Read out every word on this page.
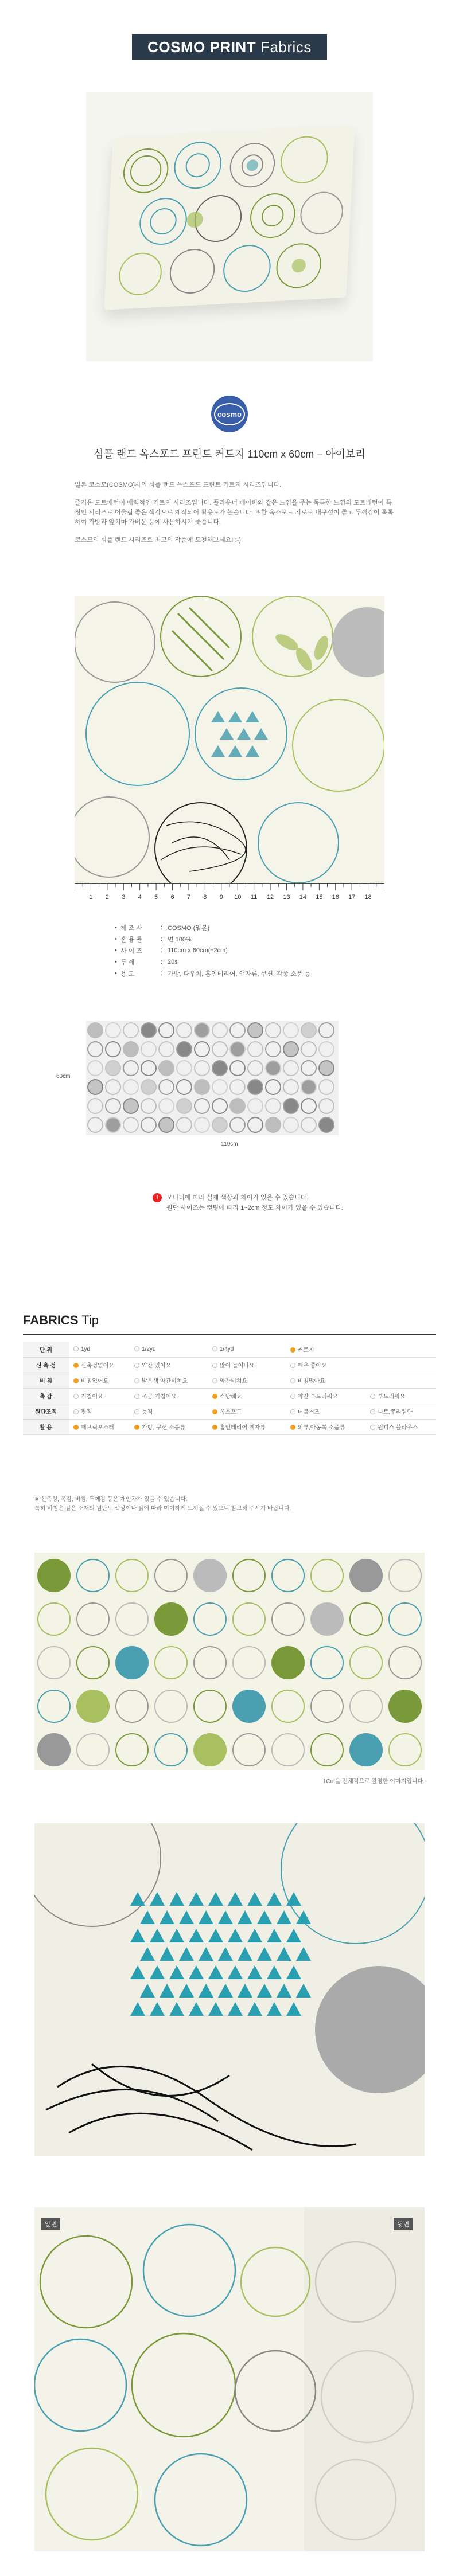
COSMO PRINT Fabrics
cosmo
심플 랜드 옥스포드 프린트 커트지 110cm x 60cm – 아이보리

일본 코스모(COSMO)사의 심플 랜드 옥스포드 프린트 커트지 시리즈입니다.

즐거운 도트패턴이 매력적인 커트지 시리즈입니다. 플라운너 페이퍼와 같은 느낌을 주는 독특한 느낌의 도트패턴이 특징인 시리즈로 어울림 좋은 색감으로 제작되어 활용도가 높습니다. 또한 옥스포드 지로로 내구성이 좋고 두께감이 톡톡하여 가방과 앞치마 가벼운 등에 사용하시기 좋습니다.

코스모의 심플 랜드 시리즈로 최고의 작품에 도전해보세요! :-)

1 2 3 4 5 6 7 8 9 10 11 12 13 14 15 16 17 18
• 제 조 사	: COSMO (일본)
• 혼 용 률	: 면 100%
• 사 이 즈	: 110cm x 60cm(±2cm)
• 두 께	: 20s
• 용 도	: 가방, 파우치, 홈인테리어, 액자류, 쿠션, 각종 소품 등
60cm
110cm
!	모니터에 따라 실제 색상과 차이가 있을 수 있습니다.
원단 사이즈는 컷팅에 따라 1~2cm 정도 차이가 있을 수 있습니다.
FABRICS Tip
단 위	1yd	1/2yd	1/4yd	커트지	
신 축 성	신축성없어요	약간 있어요	많이 늘어나요	매우 좋아요	
비 침	비침없어요	밝은색 약간비쳐요	약간비쳐요	비침많아요	
촉 감	거칠어요	조금 거칠어요	적당해요	약간 부드러워요	부드러워요
원단조직	평직	능직	옥스포드	더블거즈	니트,쭈리원단
활 용	패브릭포스터	가방, 쿠션,소품류	홈인테리어,액자류	의류,아동복,소품류	원피스,블라우스
※ 신축성, 촉감, 비침, 두께감 등은 개인차가 있을 수 있습니다.
특히 비침은 같은 소재의 원단도 색상이나 밝에 따라 미미하게 느끼질 수 있으니 참고해 주시기 바랍니다.
1Cut을 전체적으로 촬영한 이미지입니다.
앞면	뒷면
